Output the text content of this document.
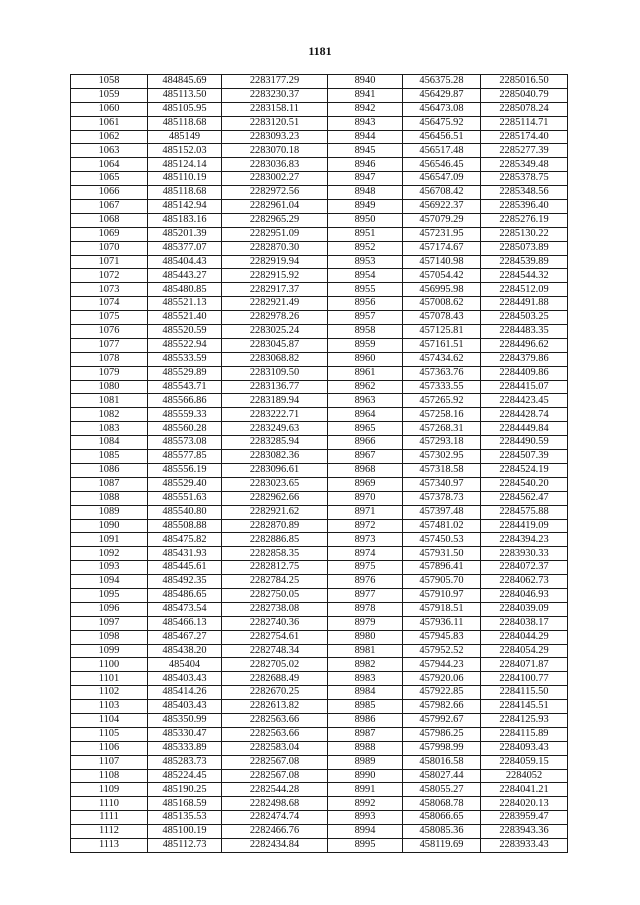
1181
1058	484845.69	2283177.29	8940	456375.28	2285016.50
1059	485113.50	2283230.37	8941	456429.87	2285040.79
1060	485105.95	2283158.11	8942	456473.08	2285078.24
1061	485118.68	2283120.51	8943	456475.92	2285114.71
1062	485149	2283093.23	8944	456456.51	2285174.40
1063	485152.03	2283070.18	8945	456517.48	2285277.39
1064	485124.14	2283036.83	8946	456546.45	2285349.48
1065	485110.19	2283002.27	8947	456547.09	2285378.75
1066	485118.68	2282972.56	8948	456708.42	2285348.56
1067	485142.94	2282961.04	8949	456922.37	2285396.40
1068	485183.16	2282965.29	8950	457079.29	2285276.19
1069	485201.39	2282951.09	8951	457231.95	2285130.22
1070	485377.07	2282870.30	8952	457174.67	2285073.89
1071	485404.43	2282919.94	8953	457140.98	2284539.89
1072	485443.27	2282915.92	8954	457054.42	2284544.32
1073	485480.85	2282917.37	8955	456995.98	2284512.09
1074	485521.13	2282921.49	8956	457008.62	2284491.88
1075	485521.40	2282978.26	8957	457078.43	2284503.25
1076	485520.59	2283025.24	8958	457125.81	2284483.35
1077	485522.94	2283045.87	8959	457161.51	2284496.62
1078	485533.59	2283068.82	8960	457434.62	2284379.86
1079	485529.89	2283109.50	8961	457363.76	2284409.86
1080	485543.71	2283136.77	8962	457333.55	2284415.07
1081	485566.86	2283189.94	8963	457265.92	2284423.45
1082	485559.33	2283222.71	8964	457258.16	2284428.74
1083	485560.28	2283249.63	8965	457268.31	2284449.84
1084	485573.08	2283285.94	8966	457293.18	2284490.59
1085	485577.85	2283082.36	8967	457302.95	2284507.39
1086	485556.19	2283096.61	8968	457318.58	2284524.19
1087	485529.40	2283023.65	8969	457340.97	2284540.20
1088	485551.63	2282962.66	8970	457378.73	2284562.47
1089	485540.80	2282921.62	8971	457397.48	2284575.88
1090	485508.88	2282870.89	8972	457481.02	2284419.09
1091	485475.82	2282886.85	8973	457450.53	2284394.23
1092	485431.93	2282858.35	8974	457931.50	2283930.33
1093	485445.61	2282812.75	8975	457896.41	2284072.37
1094	485492.35	2282784.25	8976	457905.70	2284062.73
1095	485486.65	2282750.05	8977	457910.97	2284046.93
1096	485473.54	2282738.08	8978	457918.51	2284039.09
1097	485466.13	2282740.36	8979	457936.11	2284038.17
1098	485467.27	2282754.61	8980	457945.83	2284044.29
1099	485438.20	2282748.34	8981	457952.52	2284054.29
1100	485404	2282705.02	8982	457944.23	2284071.87
1101	485403.43	2282688.49	8983	457920.06	2284100.77
1102	485414.26	2282670.25	8984	457922.85	2284115.50
1103	485403.43	2282613.82	8985	457982.66	2284145.51
1104	485350.99	2282563.66	8986	457992.67	2284125.93
1105	485330.47	2282563.66	8987	457986.25	2284115.89
1106	485333.89	2282583.04	8988	457998.99	2284093.43
1107	485283.73	2282567.08	8989	458016.58	2284059.15
1108	485224.45	2282567.08	8990	458027.44	2284052
1109	485190.25	2282544.28	8991	458055.27	2284041.21
1110	485168.59	2282498.68	8992	458068.78	2284020.13
1111	485135.53	2282474.74	8993	458066.65	2283959.47
1112	485100.19	2282466.76	8994	458085.36	2283943.36
1113	485112.73	2282434.84	8995	458119.69	2283933.43
